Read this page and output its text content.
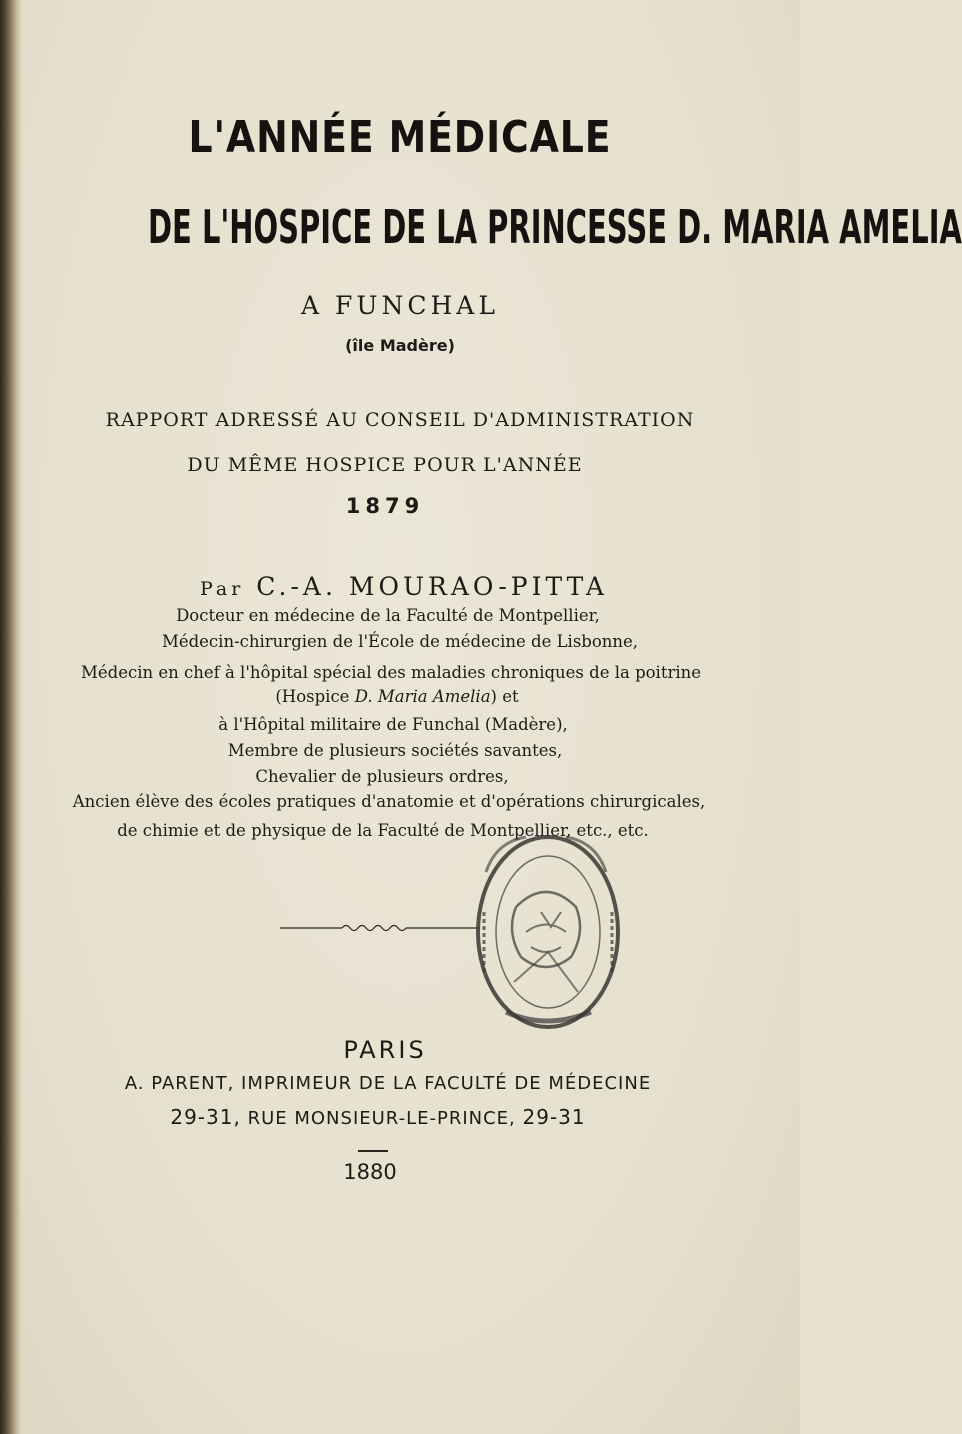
L'ANNÉE MÉDICALE
DE L'HOSPICE DE LA PRINCESSE D. MARIA AMELIA
A FUNCHAL
(île Madère)
RAPPORT ADRESSÉ AU CONSEIL D'ADMINISTRATION
DU MÊME HOSPICE POUR L'ANNÉE
1879
Par C.-A. MOURAO-PITTA
Docteur en médecine de la Faculté de Montpellier,
Médecin-chirurgien de l'École de médecine de Lisbonne,
Médecin en chef à l'hôpital spécial des maladies chroniques de la poitrine
(Hospice D. Maria Amelia) et
à l'Hôpital militaire de Funchal (Madère),
Membre de plusieurs sociétés savantes,
Chevalier de plusieurs ordres,
Ancien élève des écoles pratiques d'anatomie et d'opérations chirurgicales,
de chimie et de physique de la Faculté de Montpellier, etc., etc.
PARIS
A. PARENT, IMPRIMEUR DE LA FACULTÉ DE MÉDECINE
29-31, RUE MONSIEUR-LE-PRINCE, 29-31
1880
